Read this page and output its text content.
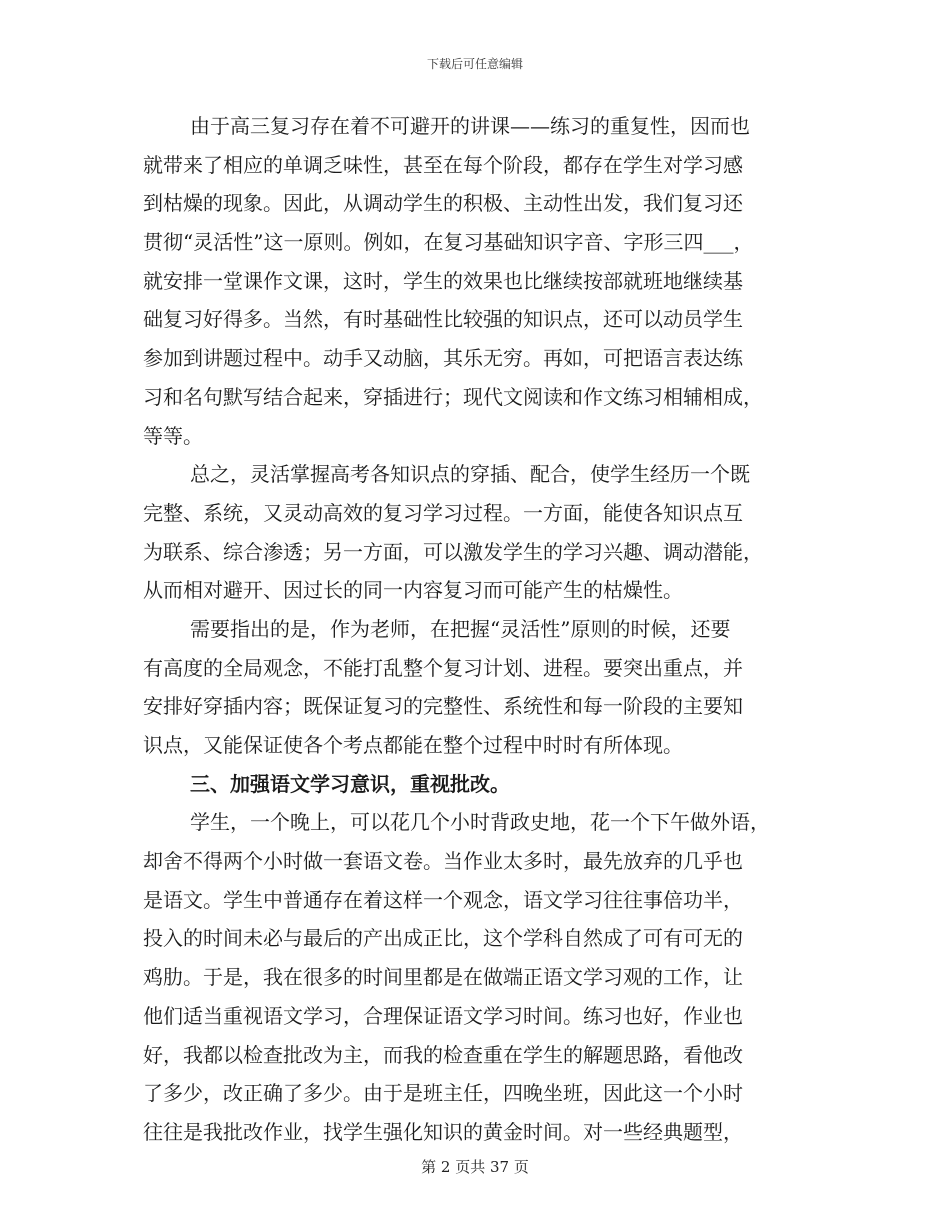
下载后可任意编辑
由于高三复习存在着不可避开的讲课——练习的重复性，因而也
就带来了相应的单调乏味性，甚至在每个阶段，都存在学生对学习感
到枯燥的现象。因此，从调动学生的积极、主动性出发，我们复习还
贯彻“灵活性”这一原则。例如，在复习基础知识字音、字形三四___，
就安排一堂课作文课，这时，学生的效果也比继续按部就班地继续基
础复习好得多。当然，有时基础性比较强的知识点，还可以动员学生
参加到讲题过程中。动手又动脑，其乐无穷。再如，可把语言表达练
习和名句默写结合起来，穿插进行；现代文阅读和作文练习相辅相成，
等等。
总之，灵活掌握高考各知识点的穿插、配合，使学生经历一个既
完整、系统，又灵动高效的复习学习过程。一方面，能使各知识点互
为联系、综合渗透；另一方面，可以激发学生的学习兴趣、调动潜能，
从而相对避开、因过长的同一内容复习而可能产生的枯燥性。
需要指出的是，作为老师，在把握“灵活性”原则的时候，还要
有高度的全局观念，不能打乱整个复习计划、进程。要突出重点，并
安排好穿插内容；既保证复习的完整性、系统性和每一阶段的主要知
识点，又能保证使各个考点都能在整个过程中时时有所体现。
三、加强语文学习意识，重视批改。
学生，一个晚上，可以花几个小时背政史地，花一个下午做外语，
却舍不得两个小时做一套语文卷。当作业太多时，最先放弃的几乎也
是语文。学生中普通存在着这样一个观念，语文学习往往事倍功半，
投入的时间未必与最后的产出成正比，这个学科自然成了可有可无的
鸡肋。于是，我在很多的时间里都是在做端正语文学习观的工作，让
他们适当重视语文学习，合理保证语文学习时间。练习也好，作业也
好，我都以检查批改为主，而我的检查重在学生的解题思路，看他改
了多少，改正确了多少。由于是班主任，四晚坐班，因此这一个小时
往往是我批改作业，找学生强化知识的黄金时间。对一些经典题型，
第 2 页共 37 页
